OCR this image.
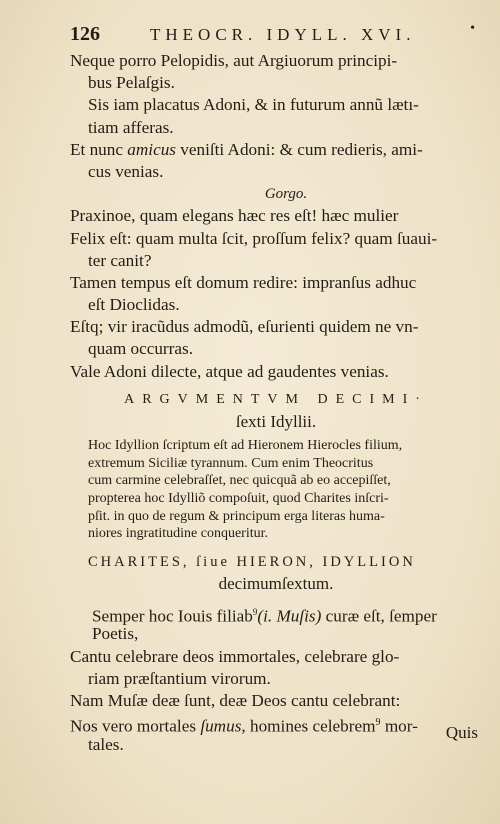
126	THEOCR. IDYLL. XVI.	•
Neque porro Pelopidis, aut Argiuorum principi-
bus Pelaſgis.
Sis iam placatus Adoni, & in futurum annũ lætı-
tiam afferas.
Et nunc amicus veniſti Adoni: & cum redieris, ami-
cus venias.
Gorgo.
Praxinoe, quam elegans hæc res eſt! hæc mulier
Felix eſt: quam multa ſcit, proſſum felix? quam ſuaui-
ter canit?
Tamen tempus eſt domum redire: impranſus adhuc
eſt Dioclidas.
Eſtq; vir iracũdus admodũ, eſurienti quidem ne vn-
quam occurras.
Vale Adoni dilecte, atque ad gaudentes venias.
ARGVMENTVM DECIMI·
ſexti Idyllii.
Hoc Idyllion ſcriptum eſt ad Hieronem Hierocles filium,
extremum Siciliæ tyrannum. Cum enim Theocritus
cum carmine celebraſſet, nec quicquã ab eo accepiſſet,
propterea hoc Idylliõ compoſuit, quod Charites inſcri-
pſit. in quo de regum & principum erga literas huma-
niores ingratitudine conqueritur.
CHARITES, ſiue HIERON, IDYLLION
decimumſextum.
Semper hoc Iouis filiab$^9$(i. Muſis) curæ eſt, ſemper
Poetis,
Cantu celebrare deos immortales, celebrare glo-
riam præſtantium virorum.
Nam Muſæ deæ ſunt, deæ Deos cantu celebrant:
Nos vero mortales ſumus, homines celebrem$^9$ mor-
tales.
Quis
